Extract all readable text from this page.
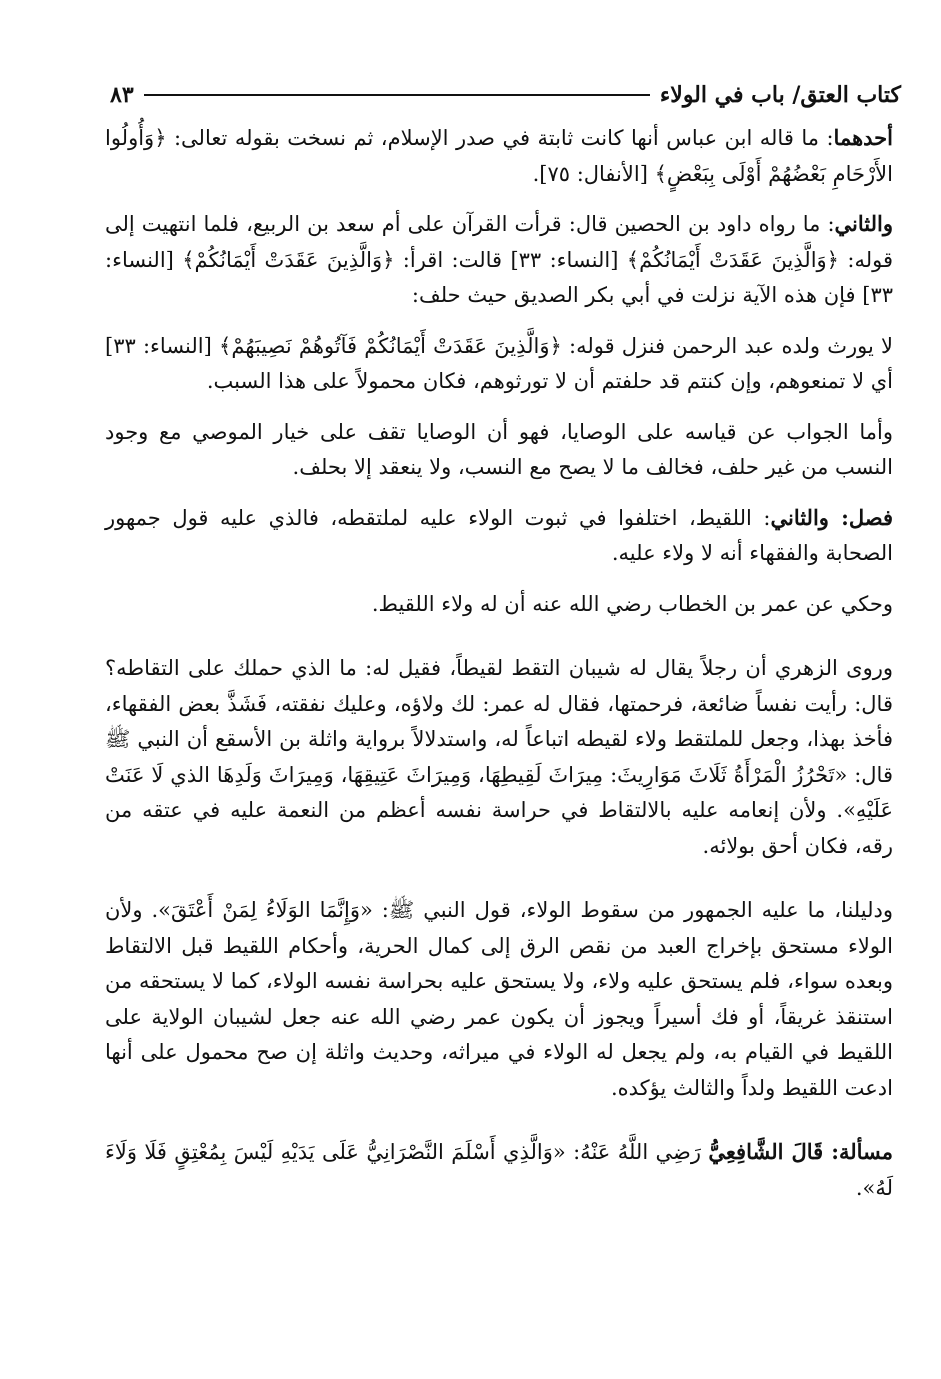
كتاب العتق/ باب في الولاء
٨٣

أحدهما: ما قاله ابن عباس أنها كانت ثابتة في صدر الإسلام، ثم نسخت بقوله تعالى: ﴿وَأُولُوا الأَرْحَامِ بَعْضُهُمْ أَوْلَى بِبَعْضٍ﴾ [الأنفال: ٧٥].

والثاني: ما رواه داود بن الحصين قال: قرأت القرآن على أم سعد بن الربيع، فلما انتهيت إلى قوله: ﴿وَالَّذِينَ عَقَدَتْ أَيْمَانُكُمْ﴾ [النساء: ٣٣] قالت: اقرأ: ﴿وَالَّذِينَ عَقَدَتْ أَيْمَانُكُمْ﴾ [النساء: ٣٣] فإن هذه الآية نزلت في أبي بكر الصديق حيث حلف:

لا يورث ولده عبد الرحمن فنزل قوله: ﴿وَالَّذِينَ عَقَدَتْ أَيْمَانُكُمْ فَآتُوهُمْ نَصِيبَهُمْ﴾ [النساء: ٣٣] أي لا تمنعوهم، وإن كنتم قد حلفتم أن لا تورثوهم، فكان محمولاً على هذا السبب.

وأما الجواب عن قياسه على الوصايا، فهو أن الوصايا تقف على خيار الموصي مع وجود النسب من غير حلف، فخالف ما لا يصح مع النسب، ولا ينعقد إلا بحلف.

فصل: والثاني: اللقيط، اختلفوا في ثبوت الولاء عليه لملتقطه، فالذي عليه قول جمهور الصحابة والفقهاء أنه لا ولاء عليه.

وحكي عن عمر بن الخطاب رضي الله عنه أن له ولاء اللقيط.

وروى الزهري أن رجلاً يقال له شيبان التقط لقيطاً، فقيل له: ما الذي حملك على التقاطه؟ قال: رأيت نفساً ضائعة، فرحمتها، فقال له عمر: لك ولاؤه، وعليك نفقته، فَشَذَّ بعض الفقهاء، فأخذ بهذا، وجعل للملتقط ولاء لقيطه اتباعاً له، واستدلالاً برواية واثلة بن الأسقع أن النبي ﷺ قال: «تَحْرُزُ الْمَرْأَةُ ثَلَاثَ مَوَارِيثَ: مِيرَاثَ لَقِيطِهَا، وَمِيرَاثَ عَتِيقِهَا، وَمِيرَاثَ وَلَدِهَا الذي لَا عَنَتْ عَلَيْهِ». ولأن إنعامه عليه بالالتقاط في حراسة نفسه أعظم من النعمة عليه في عتقه من رقه، فكان أحق بولائه.

ودليلنا، ما عليه الجمهور من سقوط الولاء، قول النبي ﷺ: «وَإِنَّمَا الوَلَاءُ لِمَنْ أَعْتَقَ». ولأن الولاء مستحق بإخراج العبد من نقص الرق إلى كمال الحرية، وأحكام اللقيط قبل الالتقاط وبعده سواء، فلم يستحق عليه ولاء، ولا يستحق عليه بحراسة نفسه الولاء، كما لا يستحقه من استنقذ غريقاً، أو فك أسيراً ويجوز أن يكون عمر رضي الله عنه جعل لشيبان الولاية على اللقيط في القيام به، ولم يجعل له الولاء في ميراثه، وحديث واثلة إن صح محمول على أنها ادعت اللقيط ولداً والثالث يؤكده.

مسألة: قَالَ الشَّافِعِيُّ رَضِي اللَّهُ عَنْهُ: «وَالَّذِي أَسْلَمَ النَّصْرَانِيُّ عَلَى يَدَيْهِ لَيْسَ بِمُعْتِقٍ فَلَا وَلَاءَ لَهُ».
